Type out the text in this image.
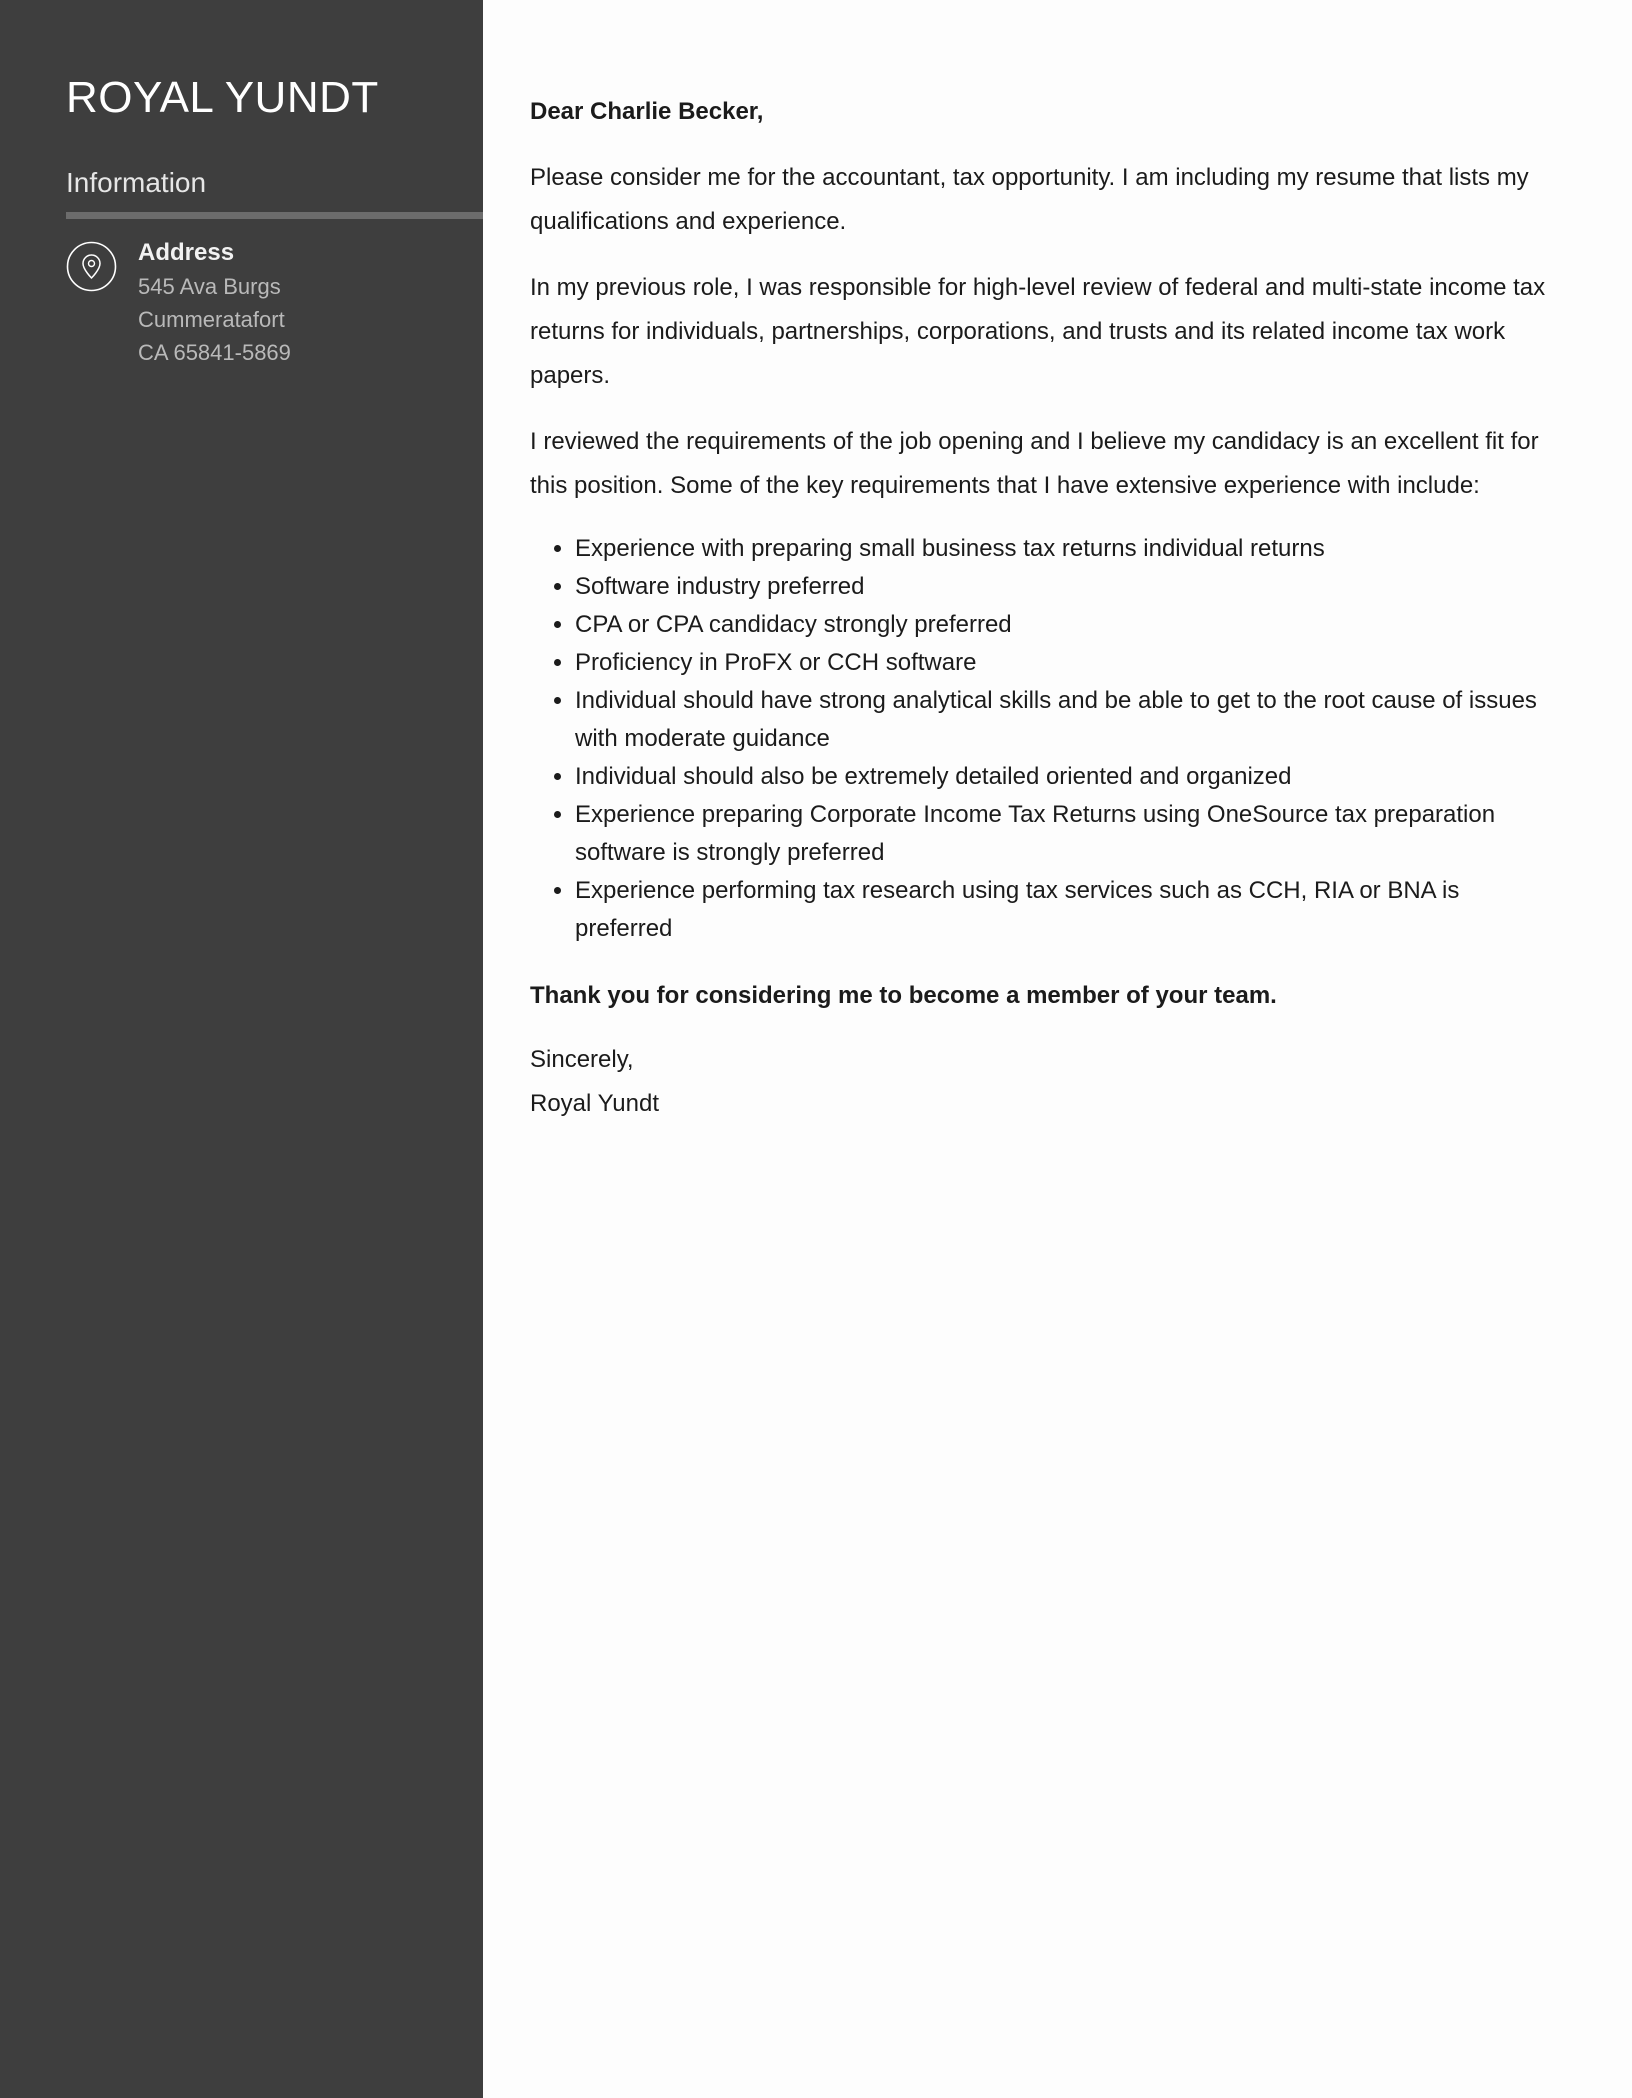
ROYAL YUNDT
Information
Address
545 Ava Burgs
Cummeratafort
CA 65841-5869

Dear Charlie Becker,

Please consider me for the accountant, tax opportunity. I am including my resume that lists my qualifications and experience.

In my previous role, I was responsible for high-level review of federal and multi-state income tax returns for individuals, partnerships, corporations, and trusts and its related income tax work papers.

I reviewed the requirements of the job opening and I believe my candidacy is an excellent fit for this position. Some of the key requirements that I have extensive experience with include:

• Experience with preparing small business tax returns individual returns
• Software industry preferred
• CPA or CPA candidacy strongly preferred
• Proficiency in ProFX or CCH software
• Individual should have strong analytical skills and be able to get to the root cause of issues with moderate guidance
• Individual should also be extremely detailed oriented and organized
• Experience preparing Corporate Income Tax Returns using OneSource tax preparation software is strongly preferred
• Experience performing tax research using tax services such as CCH, RIA or BNA is preferred

Thank you for considering me to become a member of your team.

Sincerely,

Royal Yundt
